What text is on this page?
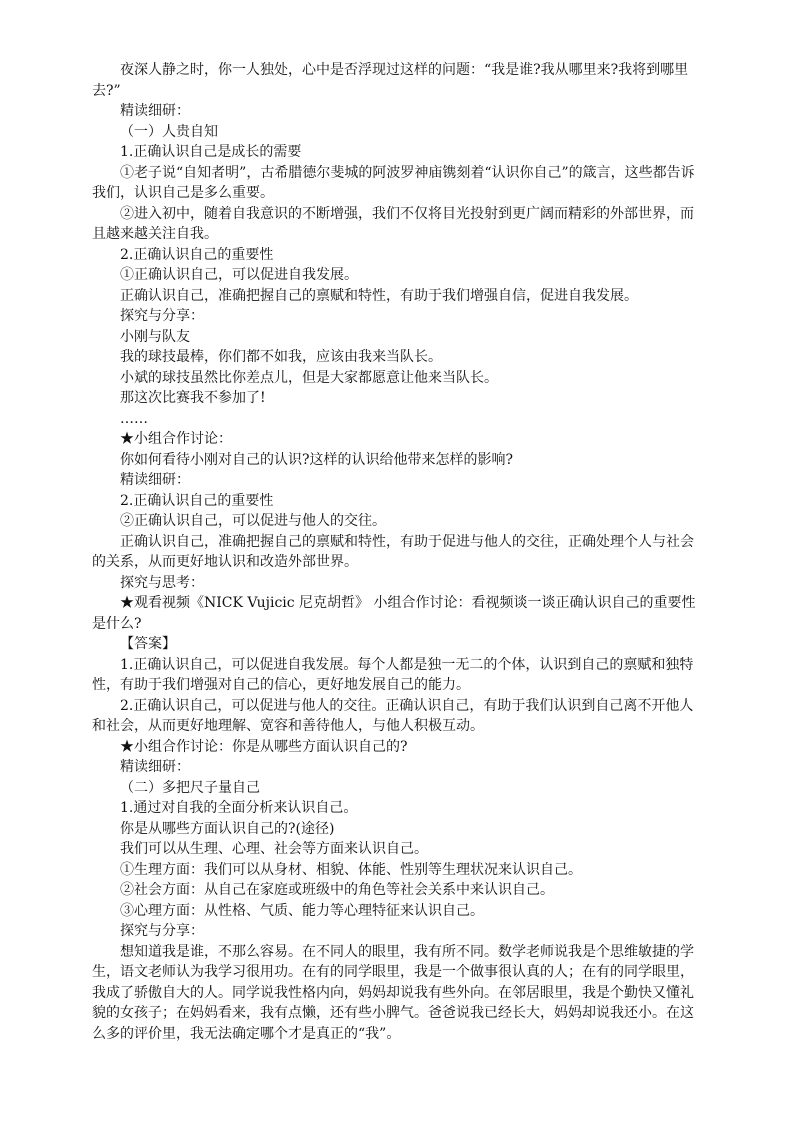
夜深人静之时，你一人独处，心中是否浮现过这样的问题：“我是谁?我从哪里来?我将到哪里去?”

精读细研：

（一）人贵自知

1.正确认识自己是成长的需要

①老子说“自知者明”，古希腊德尔斐城的阿波罗神庙镌刻着“认识你自己”的箴言，这些都告诉我们，认识自己是多么重要。

②进入初中，随着自我意识的不断增强，我们不仅将目光投射到更广阔而精彩的外部世界，而且越来越关注自我。

2.正确认识自己的重要性

①正确认识自己，可以促进自我发展。

正确认识自己，准确把握自己的禀赋和特性，有助于我们增强自信，促进自我发展。

探究与分享：

小刚与队友

我的球技最棒，你们都不如我，应该由我来当队长。

小斌的球技虽然比你差点儿，但是大家都愿意让他来当队长。

那这次比赛我不参加了!

……

★小组合作讨论：

你如何看待小刚对自己的认识?这样的认识给他带来怎样的影响?

精读细研：

2.正确认识自己的重要性

②正确认识自己，可以促进与他人的交往。

正确认识自己，准确把握自己的禀赋和特性，有助于促进与他人的交往，正确处理个人与社会的关系，从而更好地认识和改造外部世界。

探究与思考：

★观看视频《NICK Vujicic 尼克胡哲》 小组合作讨论：看视频谈一谈正确认识自己的重要性是什么?

【答案】

1.正确认识自己，可以促进自我发展。每个人都是独一无二的个体，认识到自己的禀赋和独特性，有助于我们增强对自己的信心，更好地发展自己的能力。

2.正确认识自己，可以促进与他人的交往。正确认识自己，有助于我们认识到自己离不开他人和社会，从而更好地理解、宽容和善待他人，与他人积极互动。

★小组合作讨论：你是从哪些方面认识自己的?

精读细研：

（二）多把尺子量自己

1.通过对自我的全面分析来认识自己。

你是从哪些方面认识自己的?(途径)

我们可以从生理、心理、社会等方面来认识自己。

①生理方面：我们可以从身材、相貌、体能、性别等生理状况来认识自己。

②社会方面：从自己在家庭或班级中的角色等社会关系中来认识自己。

③心理方面：从性格、气质、能力等心理特征来认识自己。

探究与分享：

想知道我是谁，不那么容易。在不同人的眼里，我有所不同。数学老师说我是个思维敏捷的学生，语文老师认为我学习很用功。在有的同学眼里，我是一个做事很认真的人；在有的同学眼里，我成了骄傲自大的人。同学说我性格内向，妈妈却说我有些外向。在邻居眼里，我是个勤快又懂礼貌的女孩子；在妈妈看来，我有点懒，还有些小脾气。爸爸说我已经长大，妈妈却说我还小。在这么多的评价里，我无法确定哪个才是真正的“我”。
